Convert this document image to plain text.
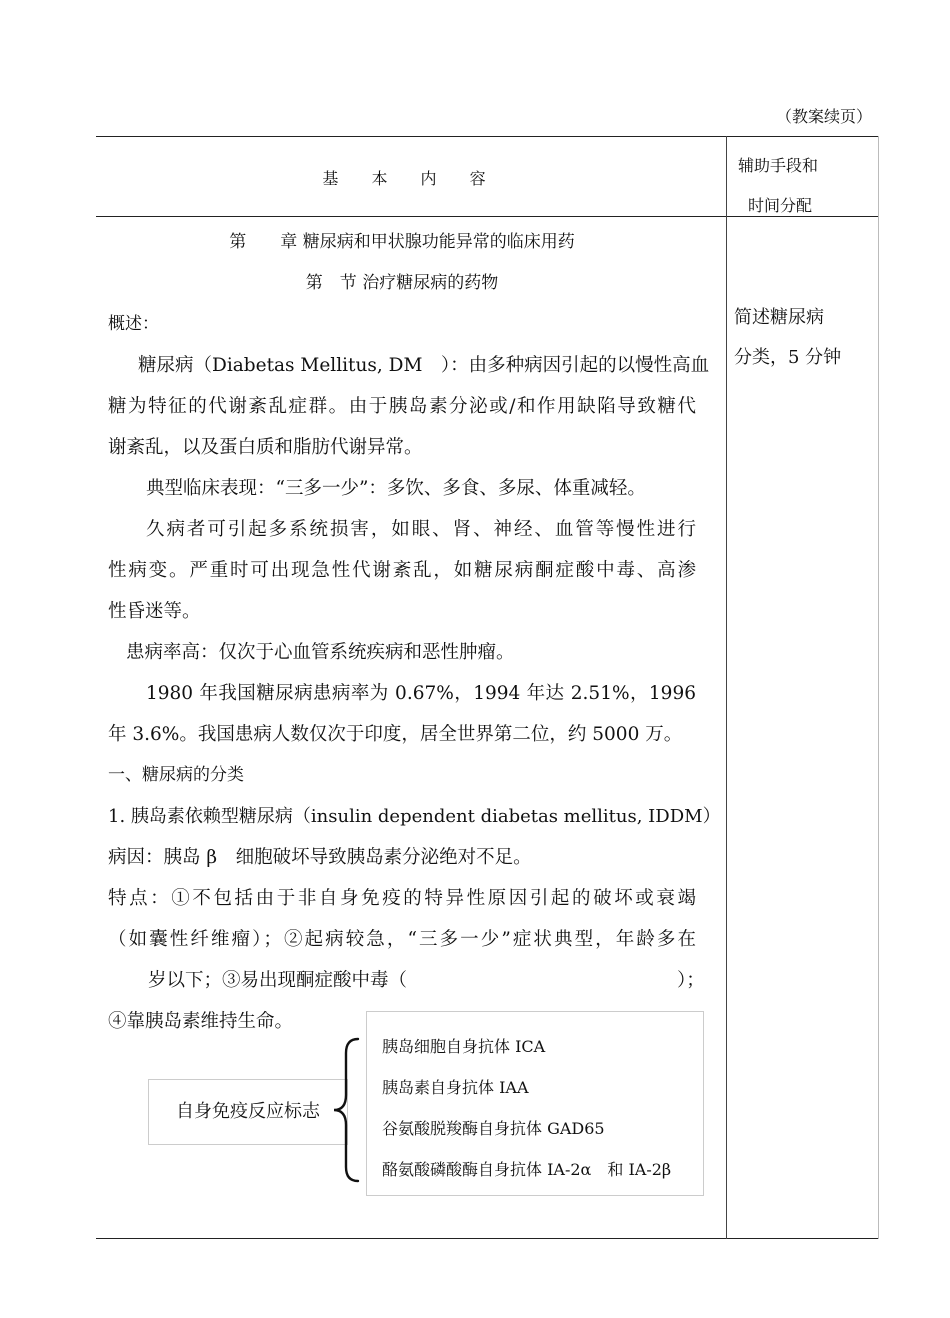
（教案续页）
基 本 内 容
辅助手段和
时间分配
简述糖尿病
分类，5 分钟
第　　章 糖尿病和甲状腺功能异常的临床用药
第　节 治疗糖尿病的药物
概述：
糖尿病（Diabetas Mellitus, DM　）：由多种病因引起的以慢性高血
糖为特征的代谢紊乱症群。由于胰岛素分泌或/和作用缺陷导致糖代
谢紊乱，以及蛋白质和脂肪代谢异常。
典型临床表现：“三多一少”：多饮、多食、多尿、体重减轻。
久病者可引起多系统损害，如眼、肾、神经、血管等慢性进行
性病变。严重时可出现急性代谢紊乱，如糖尿病酮症酸中毒、高渗
性昏迷等。
患病率高：仅次于心血管系统疾病和恶性肿瘤。
1980 年我国糖尿病患病率为 0.67%，1994 年达 2.51%，1996
年 3.6%。我国患病人数仅次于印度，居全世界第二位，约 5000 万。
一、糖尿病的分类
1. 胰岛素依赖型糖尿病（insulin dependent diabetas mellitus, IDDM）
病因：胰岛 β　细胞破坏导致胰岛素分泌绝对不足。
特点：①不包括由于非自身免疫的特异性原因引起的破坏或衰竭
（如囊性纤维瘤）；②起病较急，“三多一少”症状典型，年龄多在
岁以下；③易出现酮症酸中毒（	）；
④靠胰岛素维持生命。
自身免疫反应标志
胰岛细胞自身抗体 ICA
胰岛素自身抗体 IAA
谷氨酸脱羧酶自身抗体 GAD65
酪氨酸磷酸酶自身抗体 IA-2α　和 IA-2β
